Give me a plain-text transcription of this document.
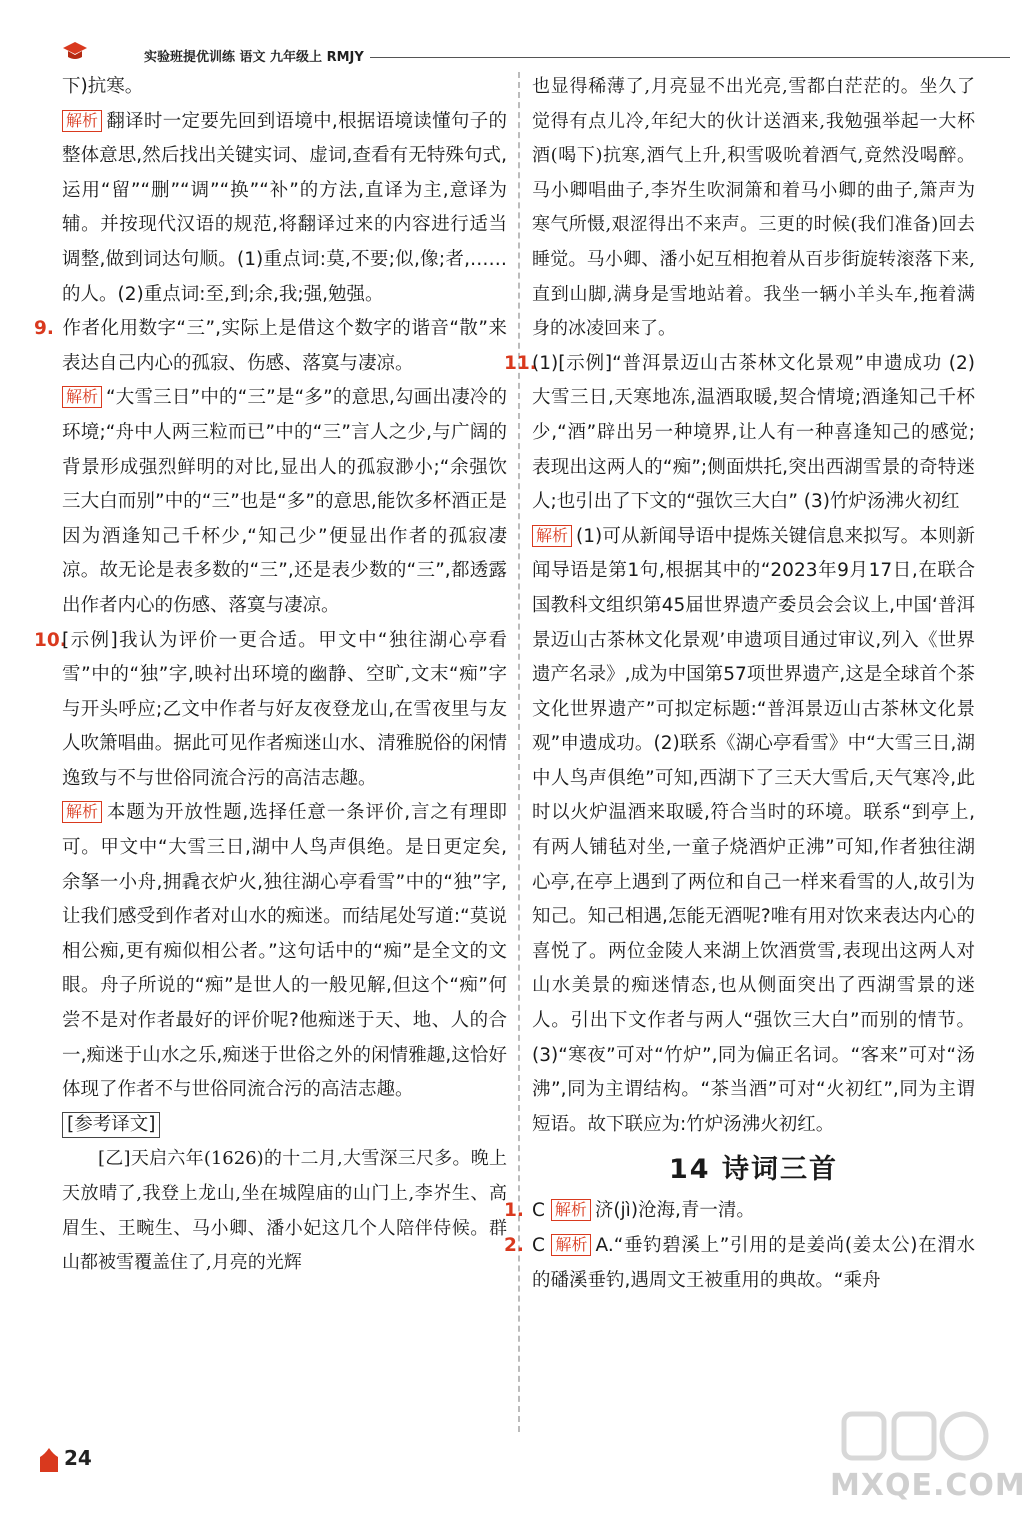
实验班提优训练 语文 九年级上 RMJY

下)抗寒。

解析 翻译时一定要先回到语境中,根据语境读懂句子的整体意思,然后找出关键实词、虚词,查看有无特殊句式,运用“留”“删”“调”“换”“补”的方法,直译为主,意译为辅。并按现代汉语的规范,将翻译过来的内容进行适当调整,做到词达句顺。(1)重点词:莫,不要;似,像;者,……的人。(2)重点词:至,到;余,我;强,勉强。

9. 作者化用数字“三”,实际上是借这个数字的谐音“散”来表达自己内心的孤寂、伤感、落寞与凄凉。

解析 “大雪三日”中的“三”是“多”的意思,勾画出凄冷的环境;“舟中人两三粒而已”中的“三”言人之少,与广阔的背景形成强烈鲜明的对比,显出人的孤寂渺小;“余强饮三大白而别”中的“三”也是“多”的意思,能饮多杯酒正是因为酒逢知己千杯少,“知己少”便显出作者的孤寂凄凉。故无论是表多数的“三”,还是表少数的“三”,都透露出作者内心的伤感、落寞与凄凉。

10.[示例]我认为评价一更合适。甲文中“独往湖心亭看雪”中的“独”字,映衬出环境的幽静、空旷,文末“痴”字与开头呼应;乙文中作者与好友夜登龙山,在雪夜里与友人吹箫唱曲。据此可见作者痴迷山水、清雅脱俗的闲情逸致与不与世俗同流合污的高洁志趣。

解析 本题为开放性题,选择任意一条评价,言之有理即可。甲文中“大雪三日,湖中人鸟声俱绝。是日更定矣,余拏一小舟,拥毳衣炉火,独往湖心亭看雪”中的“独”字,让我们感受到作者对山水的痴迷。而结尾处写道:“莫说相公痴,更有痴似相公者。”这句话中的“痴”是全文的文眼。舟子所说的“痴”是世人的一般见解,但这个“痴”何尝不是对作者最好的评价呢?他痴迷于天、地、人的合一,痴迷于山水之乐,痴迷于世俗之外的闲情雅趣,这恰好体现了作者不与世俗同流合污的高洁志趣。

[参考译文]

[乙]天启六年(1626)的十二月,大雪深三尺多。晚上天放晴了,我登上龙山,坐在城隍庙的山门上,李岕生、高眉生、王畹生、马小卿、潘小妃这几个人陪伴侍候。群山都被雪覆盖住了,月亮的光辉

也显得稀薄了,月亮显不出光亮,雪都白茫茫的。坐久了觉得有点儿冷,年纪大的伙计送酒来,我勉强举起一大杯酒(喝下)抗寒,酒气上升,积雪吸吮着酒气,竟然没喝醉。马小卿唱曲子,李岕生吹洞箫和着马小卿的曲子,箫声为寒气所慑,艰涩得出不来声。三更的时候(我们准备)回去睡觉。马小卿、潘小妃互相抱着从百步街旋转滚落下来,直到山脚,满身是雪地站着。我坐一辆小羊头车,拖着满身的冰凌回来了。

11.(1)[示例]“普洱景迈山古茶林文化景观”申遗成功 (2)大雪三日,天寒地冻,温酒取暖,契合情境;酒逢知己千杯少,“酒”辟出另一种境界,让人有一种喜逢知己的感觉;表现出这两人的“痴”;侧面烘托,突出西湖雪景的奇特迷人;也引出了下文的“强饮三大白” (3)竹炉汤沸火初红

解析 (1)可从新闻导语中提炼关键信息来拟写。本则新闻导语是第1句,根据其中的“2023年9月17日,在联合国教科文组织第45届世界遗产委员会会议上,中国‘普洱景迈山古茶林文化景观’申遗项目通过审议,列入《世界遗产名录》,成为中国第57项世界遗产,这是全球首个茶文化世界遗产”可拟定标题:“普洱景迈山古茶林文化景观”申遗成功。(2)联系《湖心亭看雪》中“大雪三日,湖中人鸟声俱绝”可知,西湖下了三天大雪后,天气寒冷,此时以火炉温酒来取暖,符合当时的环境。联系“到亭上,有两人铺毡对坐,一童子烧酒炉正沸”可知,作者独往湖心亭,在亭上遇到了两位和自己一样来看雪的人,故引为知己。知己相遇,怎能无酒呢?唯有用对饮来表达内心的喜悦了。两位金陵人来湖上饮酒赏雪,表现出这两人对山水美景的痴迷情态,也从侧面突出了西湖雪景的迷人。引出下文作者与两人“强饮三大白”而别的情节。(3)“寒夜”可对“竹炉”,同为偏正名词。“客来”可对“汤沸”,同为主谓结构。“茶当酒”可对“火初红”,同为主谓短语。故下联应为:竹炉汤沸火初红。

14 诗词三首

1. C 解析 济(jì)沧海,青一清。

2. C 解析 A.“垂钓碧溪上”引用的是姜尚(姜太公)在渭水的磻溪垂钓,遇周文王被重用的典故。“乘舟

24
MXQE.COM
